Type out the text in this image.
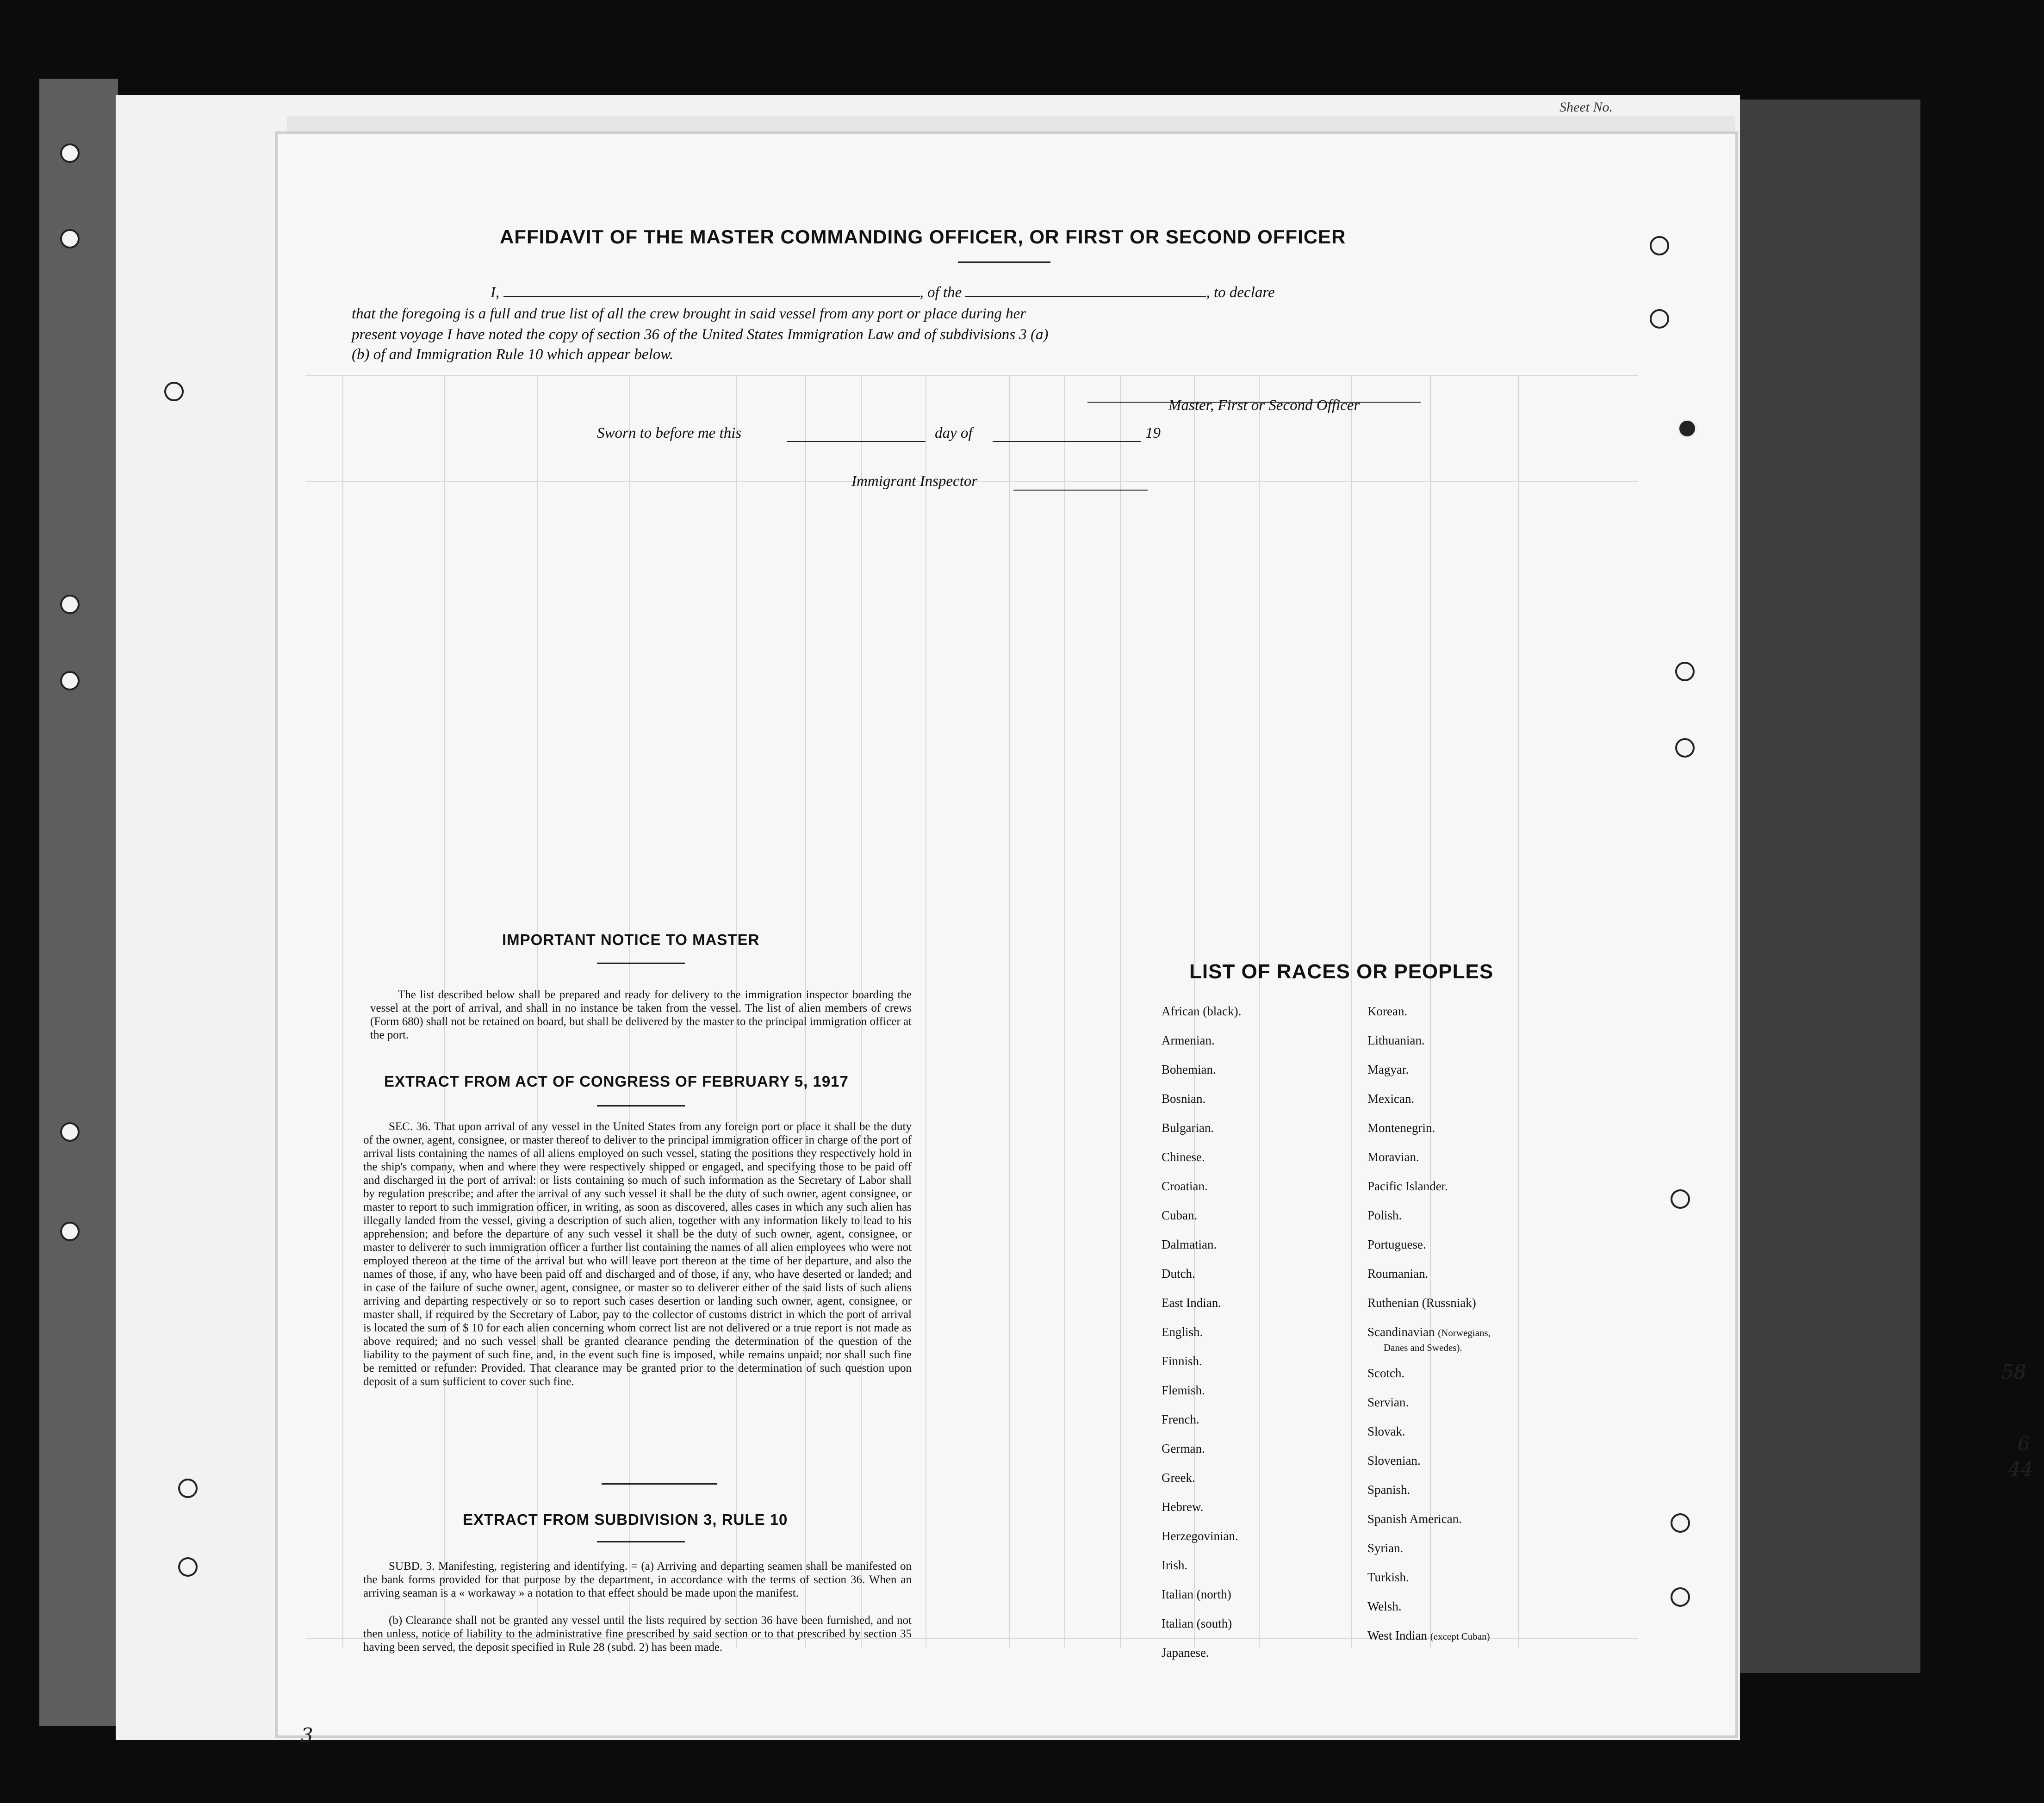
Sheet No.
AFFIDAVIT OF THE MASTER COMMANDING OFFICER, OR FIRST OR SECOND OFFICER
I,	, of the	, to declare
that the foregoing is a full and true list of all the crew brought in said vessel from any port or place during her
present voyage I have noted the copy of section 36 of the United States Immigration Law and of subdivisions 3 (a)
(b) of and Immigration Rule 10 which appear below.
Master, First or Second Officer
Sworn to before me this	day of	19
Immigrant Inspector
IMPORTANT NOTICE TO MASTER
The list described below shall be prepared and ready for delivery to the immigration inspector boarding the vessel at the port of arrival, and shall in no instance be taken from the vessel. The list of alien members of crews (Form 680) shall not be retained on board, but shall be delivered by the master to the principal immigration officer at the port.
EXTRACT FROM ACT OF CONGRESS OF FEBRUARY 5, 1917
SEC. 36. That upon arrival of any vessel in the United States from any foreign port or place it shall be the duty of the owner, agent, consignee, or master thereof to deliver to the principal immigration officer in charge of the port of arrival lists containing the names of all aliens employed on such vessel, stating the positions they respectively hold in the ship's company, when and where they were respectively shipped or engaged, and specifying those to be paid off and discharged in the port of arrival: or lists containing so much of such information as the Secretary of Labor shall by regulation prescribe; and after the arrival of any such vessel it shall be the duty of such owner, agent consignee, or master to report to such immigration officer, in writing, as soon as discovered, alles cases in which any such alien has illegally landed from the vessel, giving a description of such alien, together with any information likely to lead to his apprehension; and before the departure of any such vessel it shall be the duty of such owner, agent, consignee, or master to deliverer to such immigration officer a further list containing the names of all alien employees who were not employed thereon at the time of the arrival but who will leave port thereon at the time of her departure, and also the names of those, if any, who have been paid off and discharged and of those, if any, who have deserted or landed; and in case of the failure of suche owner, agent, consignee, or master so to deliverer either of the said lists of such aliens arriving and departing respectively or so to report such cases desertion or landing such owner, agent, consignee, or master shall, if required by the Secretary of Labor, pay to the collector of customs district in which the port of arrival is located the sum of $ 10 for each alien concerning whom correct list are not delivered or a true report is not made as above required; and no such vessel shall be granted clearance pending the determination of the question of the liability to the payment of such fine, and, in the event such fine is imposed, while remains unpaid; nor shall such fine be remitted or refunder: Provided. That clearance may be granted prior to the determination of such question upon deposit of a sum sufficient to cover such fine.
EXTRACT FROM SUBDIVISION 3, RULE 10
SUBD. 3. Manifesting, registering and identifying. = (a) Arriving and departing seamen shall be manifested on the bank forms provided for that purpose by the department, in accordance with the terms of section 36. When an arriving seaman is a « workaway » a notation to that effect should be made upon the manifest.
(b) Clearance shall not be granted any vessel until the lists required by section 36 have been furnished, and not then unless, notice of liability to the administrative fine prescribed by said section or to that prescribed by section 35 having been served, the deposit specified in Rule 28 (subd. 2) has been made.
LIST OF RACES OR PEOPLES
African (black).
Armenian.
Bohemian.
Bosnian.
Bulgarian.
Chinese.
Croatian.
Cuban.
Dalmatian.
Dutch.
East Indian.
English.
Finnish.
Flemish.
French.
German.
Greek.
Hebrew.
Herzegovinian.
Irish.
Italian (north)
Italian (south)
Japanese.
Korean.
Lithuanian.
Magyar.
Mexican.
Montenegrin.
Moravian.
Pacific Islander.
Polish.
Portuguese.
Roumanian.
Ruthenian (Russniak)
Scandinavian (Norwegians,
Danes and Swedes).
Scotch.
Servian.
Slovak.
Slovenian.
Spanish.
Spanish American.
Syrian.
Turkish.
Welsh.
West Indian (except Cuban)
58
6
44
3
